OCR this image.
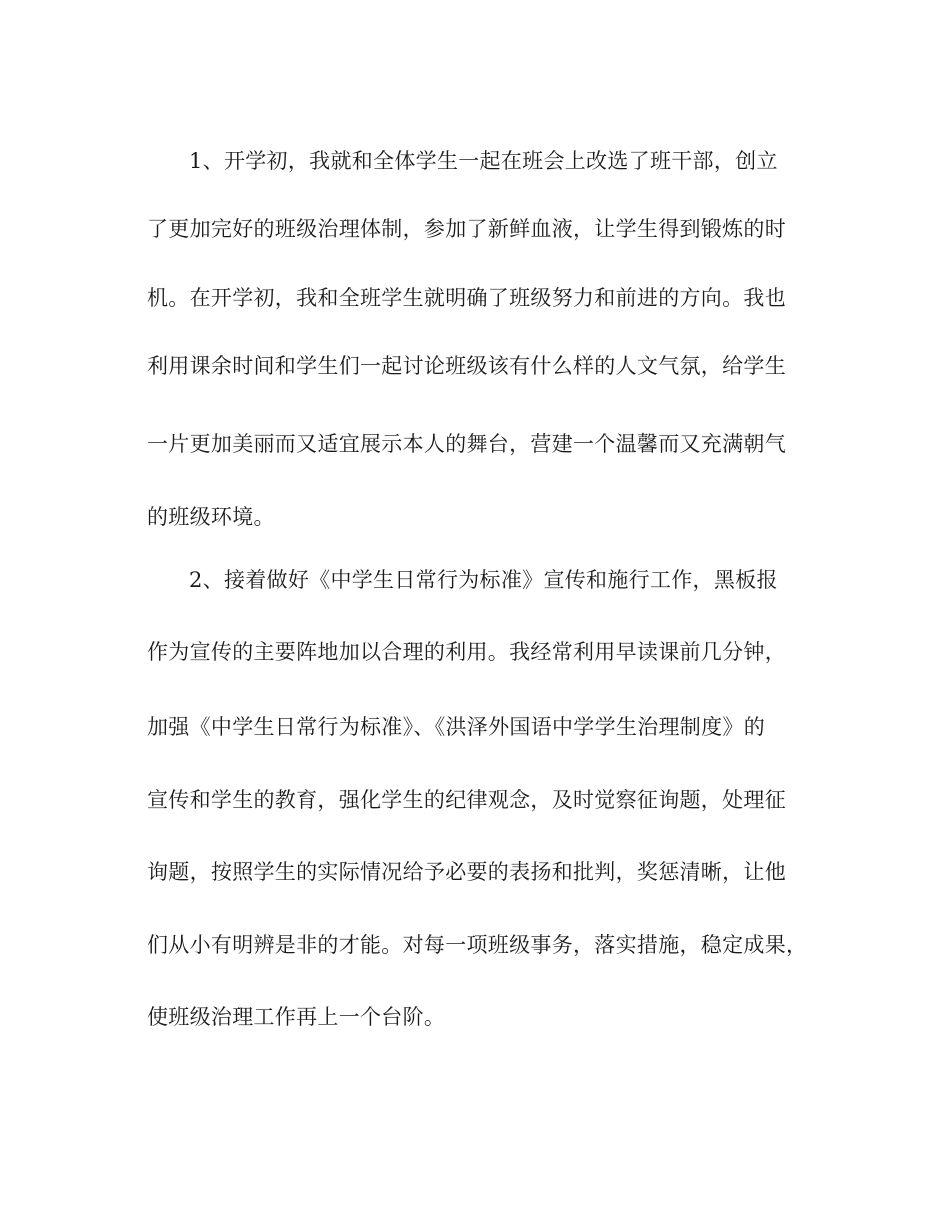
1、开学初，我就和全体学生一起在班会上改选了班干部，创立
了更加完好的班级治理体制，参加了新鲜血液，让学生得到锻炼的时
机。在开学初，我和全班学生就明确了班级努力和前进的方向。我也
利用课余时间和学生们一起讨论班级该有什么样的人文气氛，给学生
一片更加美丽而又适宜展示本人的舞台，营建一个温馨而又充满朝气
的班级环境。
2、接着做好《中学生日常行为标准》宣传和施行工作，黑板报
作为宣传的主要阵地加以合理的利用。我经常利用早读课前几分钟，
加强《中学生日常行为标准》、《洪泽外国语中学学生治理制度》的
宣传和学生的教育，强化学生的纪律观念，及时觉察征询题，处理征
询题，按照学生的实际情况给予必要的表扬和批判，奖惩清晰，让他
们从小有明辨是非的才能。对每一项班级事务，落实措施，稳定成果，
使班级治理工作再上一个台阶。
